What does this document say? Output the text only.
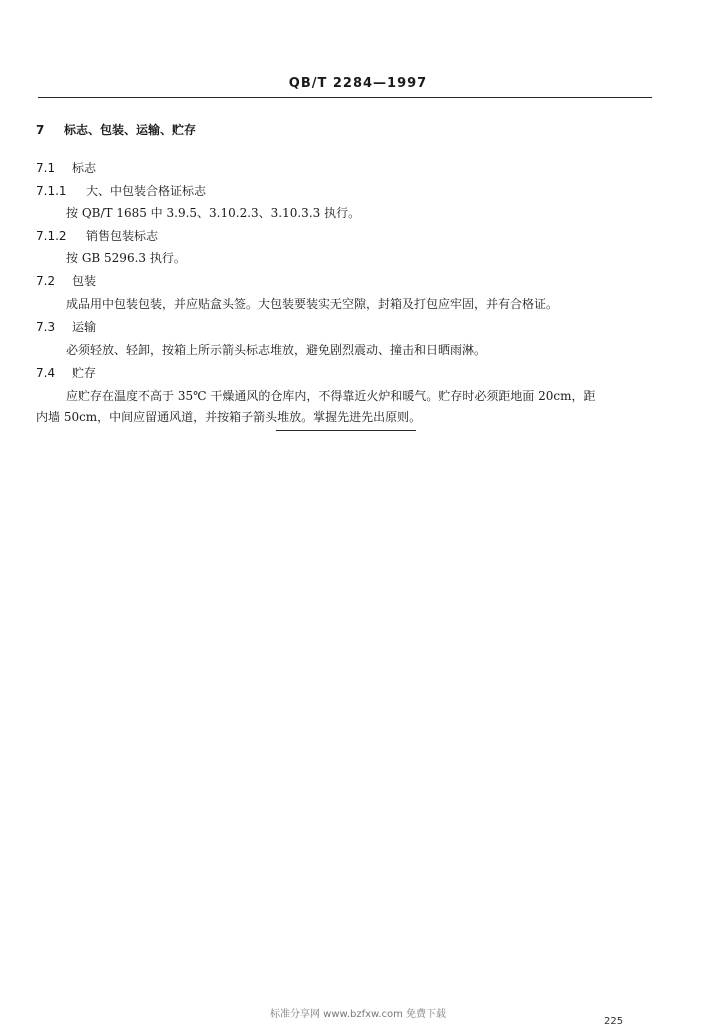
QB/T 2284—1997
7 标志、包装、运输、贮存
7.1 标志
7.1.1 大、中包装合格证标志
按 QB/T 1685 中 3.9.5、3.10.2.3、3.10.3.3 执行。
7.1.2 销售包装标志
按 GB 5296.3 执行。
7.2 包装
成品用中包装包装，并应贴盒头签。大包装要装实无空隙，封箱及打包应牢固，并有合格证。
7.3 运输
必须轻放、轻卸，按箱上所示箭头标志堆放，避免剧烈震动、撞击和日晒雨淋。
7.4 贮存
应贮存在温度不高于 35℃ 干燥通风的仓库内，不得靠近火炉和暖气。贮存时必须距地面 20cm，距
内墙 50cm，中间应留通风道，并按箱子箭头堆放。掌握先进先出原则。
标准分享网 www.bzfxw.com 免费下载
225
